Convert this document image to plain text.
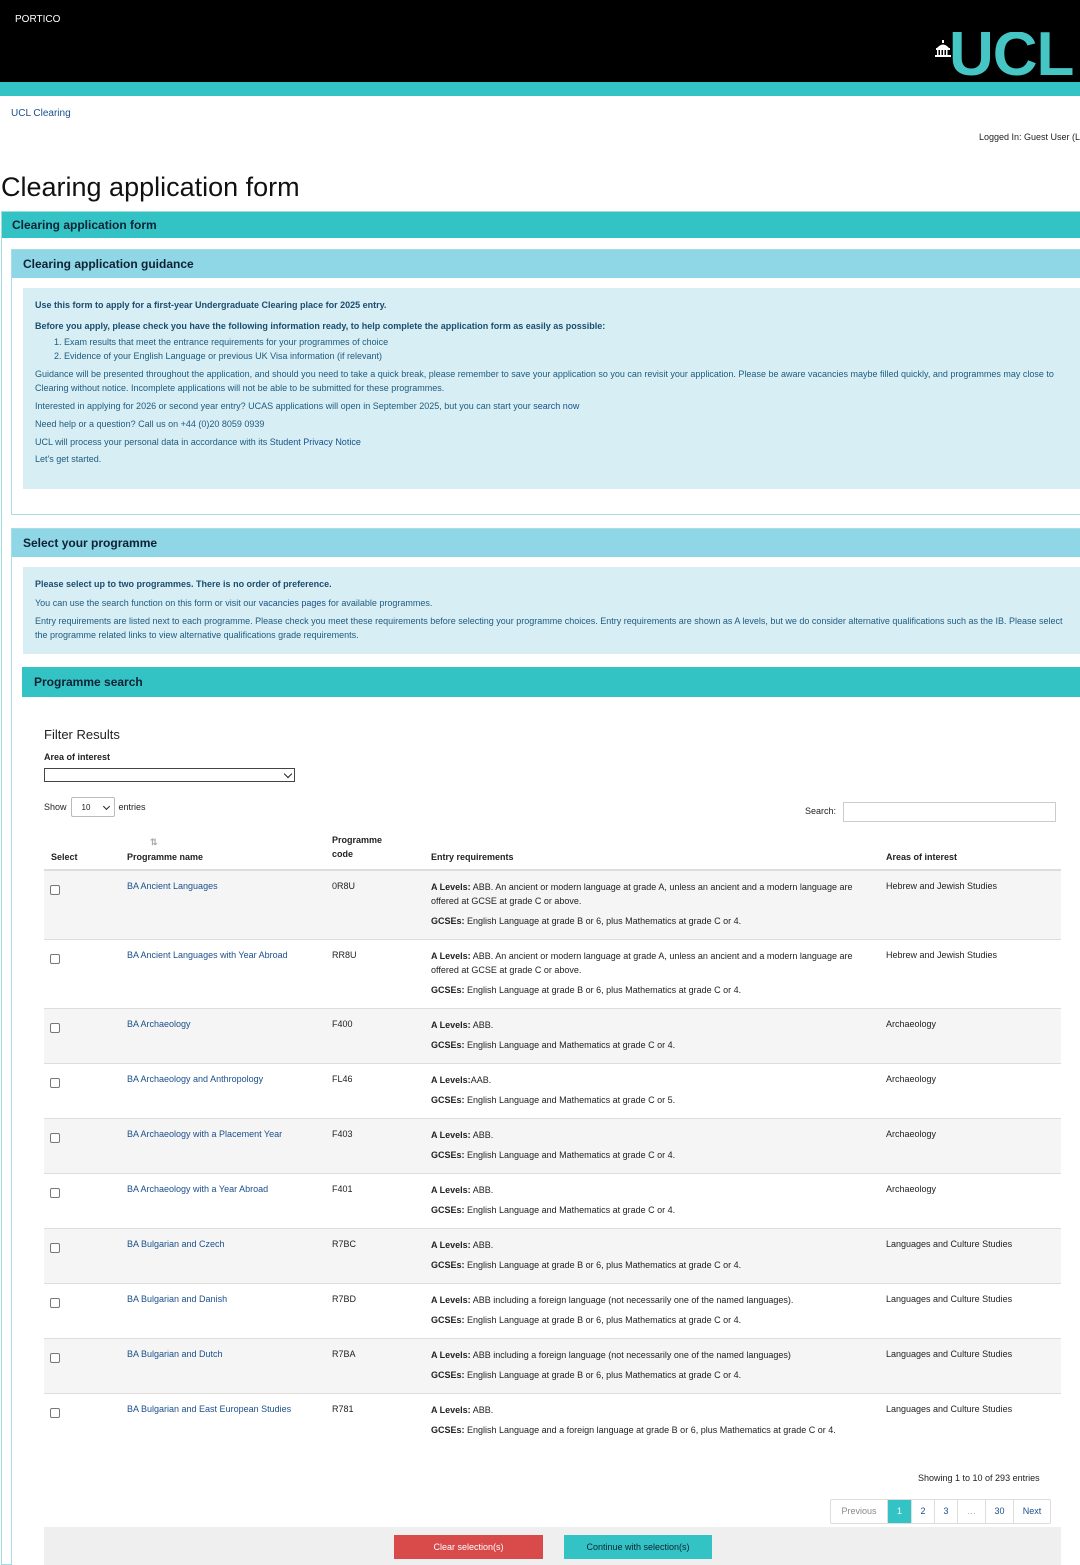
PORTICO
UCL
UCL Clearing
Logged In: Guest User (L
Clearing application form
Clearing application form
Clearing application guidance

Use this form to apply for a first-year Undergraduate Clearing place for 2025 entry.

Before you apply, please check you have the following information ready, to help complete the application form as easily as possible:

1. Exam results that meet the entrance requirements for your programmes of choice
2. Evidence of your English Language or previous UK Visa information (if relevant)

Guidance will be presented throughout the application, and should you need to take a quick break, please remember to save your application so you can revisit your application. Please be aware vacancies maybe filled quickly, and programmes may close to Clearing without notice. Incomplete applications will not be able to be submitted for these programmes.

Interested in applying for 2026 or second year entry? UCAS applications will open in September 2025, but you can start your search now

Need help or a question? Call us on +44 (0)20 8059 0939

UCL will process your personal data in accordance with its Student Privacy Notice

Let's get started.

Select your programme

Please select up to two programmes. There is no order of preference.

You can use the search function on this form or visit our vacancies pages for available programmes.

Entry requirements are listed next to each programme. Please check you meet these requirements before selecting your programme choices. Entry requirements are shown as A levels, but we do consider alternative qualifications such as the IB. Please select the programme related links to view alternative qualifications grade requirements.

Programme search
Filter Results
Area of interest
Show	10	entries	Search:
⇅
Select	Programme name
Programme
code	Entry requirements	Areas of interest
BA Ancient Languages	0R8U	A Levels: ABB. An ancient or modern language at grade A, unless an ancient and a modern language are offered at GCSE at grade C or above.

GCSEs: English Language at grade B or 6, plus Mathematics at grade C or 4.

Hebrew and Jewish Studies
BA Ancient Languages with Year Abroad	RR8U	A Levels: ABB. An ancient or modern language at grade A, unless an ancient and a modern language are offered at GCSE at grade C or above.

GCSEs: English Language at grade B or 6, plus Mathematics at grade C or 4.

Hebrew and Jewish Studies
BA Archaeology	F400	A Levels: ABB.

GCSEs: English Language and Mathematics at grade C or 4.

Archaeology
BA Archaeology and Anthropology	FL46	A Levels:AAB.

GCSEs: English Language and Mathematics at grade C or 5.

Archaeology
BA Archaeology with a Placement Year	F403	A Levels: ABB.

GCSEs: English Language and Mathematics at grade C or 4.

Archaeology
BA Archaeology with a Year Abroad	F401	A Levels: ABB.

GCSEs: English Language and Mathematics at grade C or 4.

Archaeology
BA Bulgarian and Czech	R7BC	A Levels: ABB.

GCSEs: English Language at grade B or 6, plus Mathematics at grade C or 4.

Languages and Culture Studies
BA Bulgarian and Danish	R7BD	A Levels: ABB including a foreign language (not necessarily one of the named languages).

GCSEs: English Language at grade B or 6, plus Mathematics at grade C or 4.

Languages and Culture Studies
BA Bulgarian and Dutch	R7BA	A Levels: ABB including a foreign language (not necessarily one of the named languages)

GCSEs: English Language at grade B or 6, plus Mathematics at grade C or 4.

Languages and Culture Studies
BA Bulgarian and East European Studies	R781	A Levels: ABB.

GCSEs: English Language and a foreign language at grade B or 6, plus Mathematics at grade C or 4.

Languages and Culture Studies
Showing 1 to 10 of 293 entries
Previous	1	2	3	…	30	Next
Clear selection(s)	Continue with selection(s)
